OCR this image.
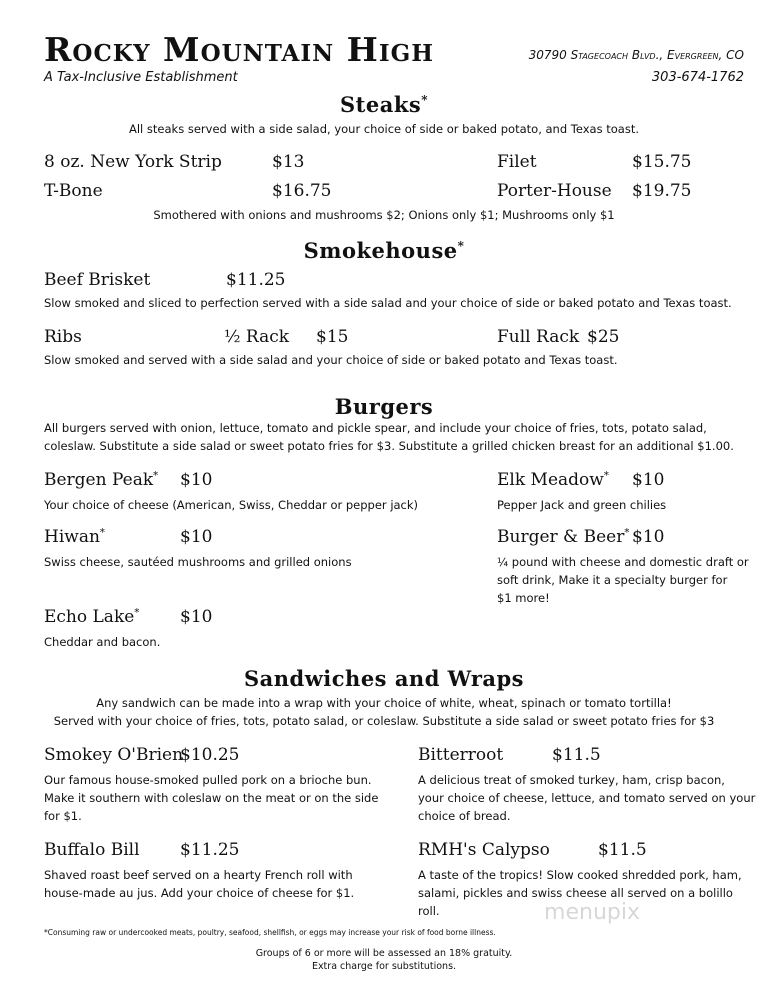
Rocky Mountain High
A Tax-Inclusive Establishment
30790 Stagecoach Blvd., Evergreen, CO
303-674-1762
Steaks*
All steaks served with a side salad, your choice of side or baked potato, and Texas toast.
8 oz. New York Strip	$13	Filet	$15.75
T-Bone	$16.75	Porter-House $19.75
Smothered with onions and mushrooms $2; Onions only $1; Mushrooms only $1
Smokehouse*
Beef Brisket	$11.25
Slow smoked and sliced to perfection served with a side salad and your choice of side or baked potato and Texas toast.
Ribs	½ Rack $15	Full Rack $25
Slow smoked and served with a side salad and your choice of side or baked potato and Texas toast.
Burgers
All burgers served with onion, lettuce, tomato and pickle spear, and include your choice of fries, tots, potato salad,
coleslaw. Substitute a side salad or sweet potato fries for $3. Substitute a grilled chicken breast for an additional $1.00.
Bergen Peak* $10
Your choice of cheese (American, Swiss, Cheddar or pepper jack)
Elk Meadow* $10
Pepper Jack and green chilies
Hiwan*	$10
Swiss cheese, sautéed mushrooms and grilled onions
Burger & Beer* $10
¼ pound with cheese and domestic draft or
soft drink, Make it a specialty burger for
$1 more!
Echo Lake* $10
Cheddar and bacon.
Sandwiches and Wraps
Any sandwich can be made into a wrap with your choice of white, wheat, spinach or tomato tortilla!
Served with your choice of fries, tots, potato salad, or coleslaw. Substitute a side salad or sweet potato fries for $3
Smokey O'Brien
$10.25
Our famous house-smoked pulled pork on a brioche bun.
Make it southern with coleslaw on the meat or on the side
for $1.
Bitterroot	$11.5
A delicious treat of smoked turkey, ham, crisp bacon,
your choice of cheese, lettuce, and tomato served on your
choice of bread.
Buffalo Bill $11.25
Shaved roast beef served on a hearty French roll with
house-made au jus. Add your choice of cheese for $1.
RMH's Calypso	$11.5
A taste of the tropics! Slow cooked shredded pork, ham,
salami, pickles and swiss cheese all served on a bolillo
roll.	menupix
*Consuming raw or undercooked meats, poultry, seafood, shellfish, or eggs may increase your risk of food borne illness.
Groups of 6 or more will be assessed an 18% gratuity.
Extra charge for substitutions.
